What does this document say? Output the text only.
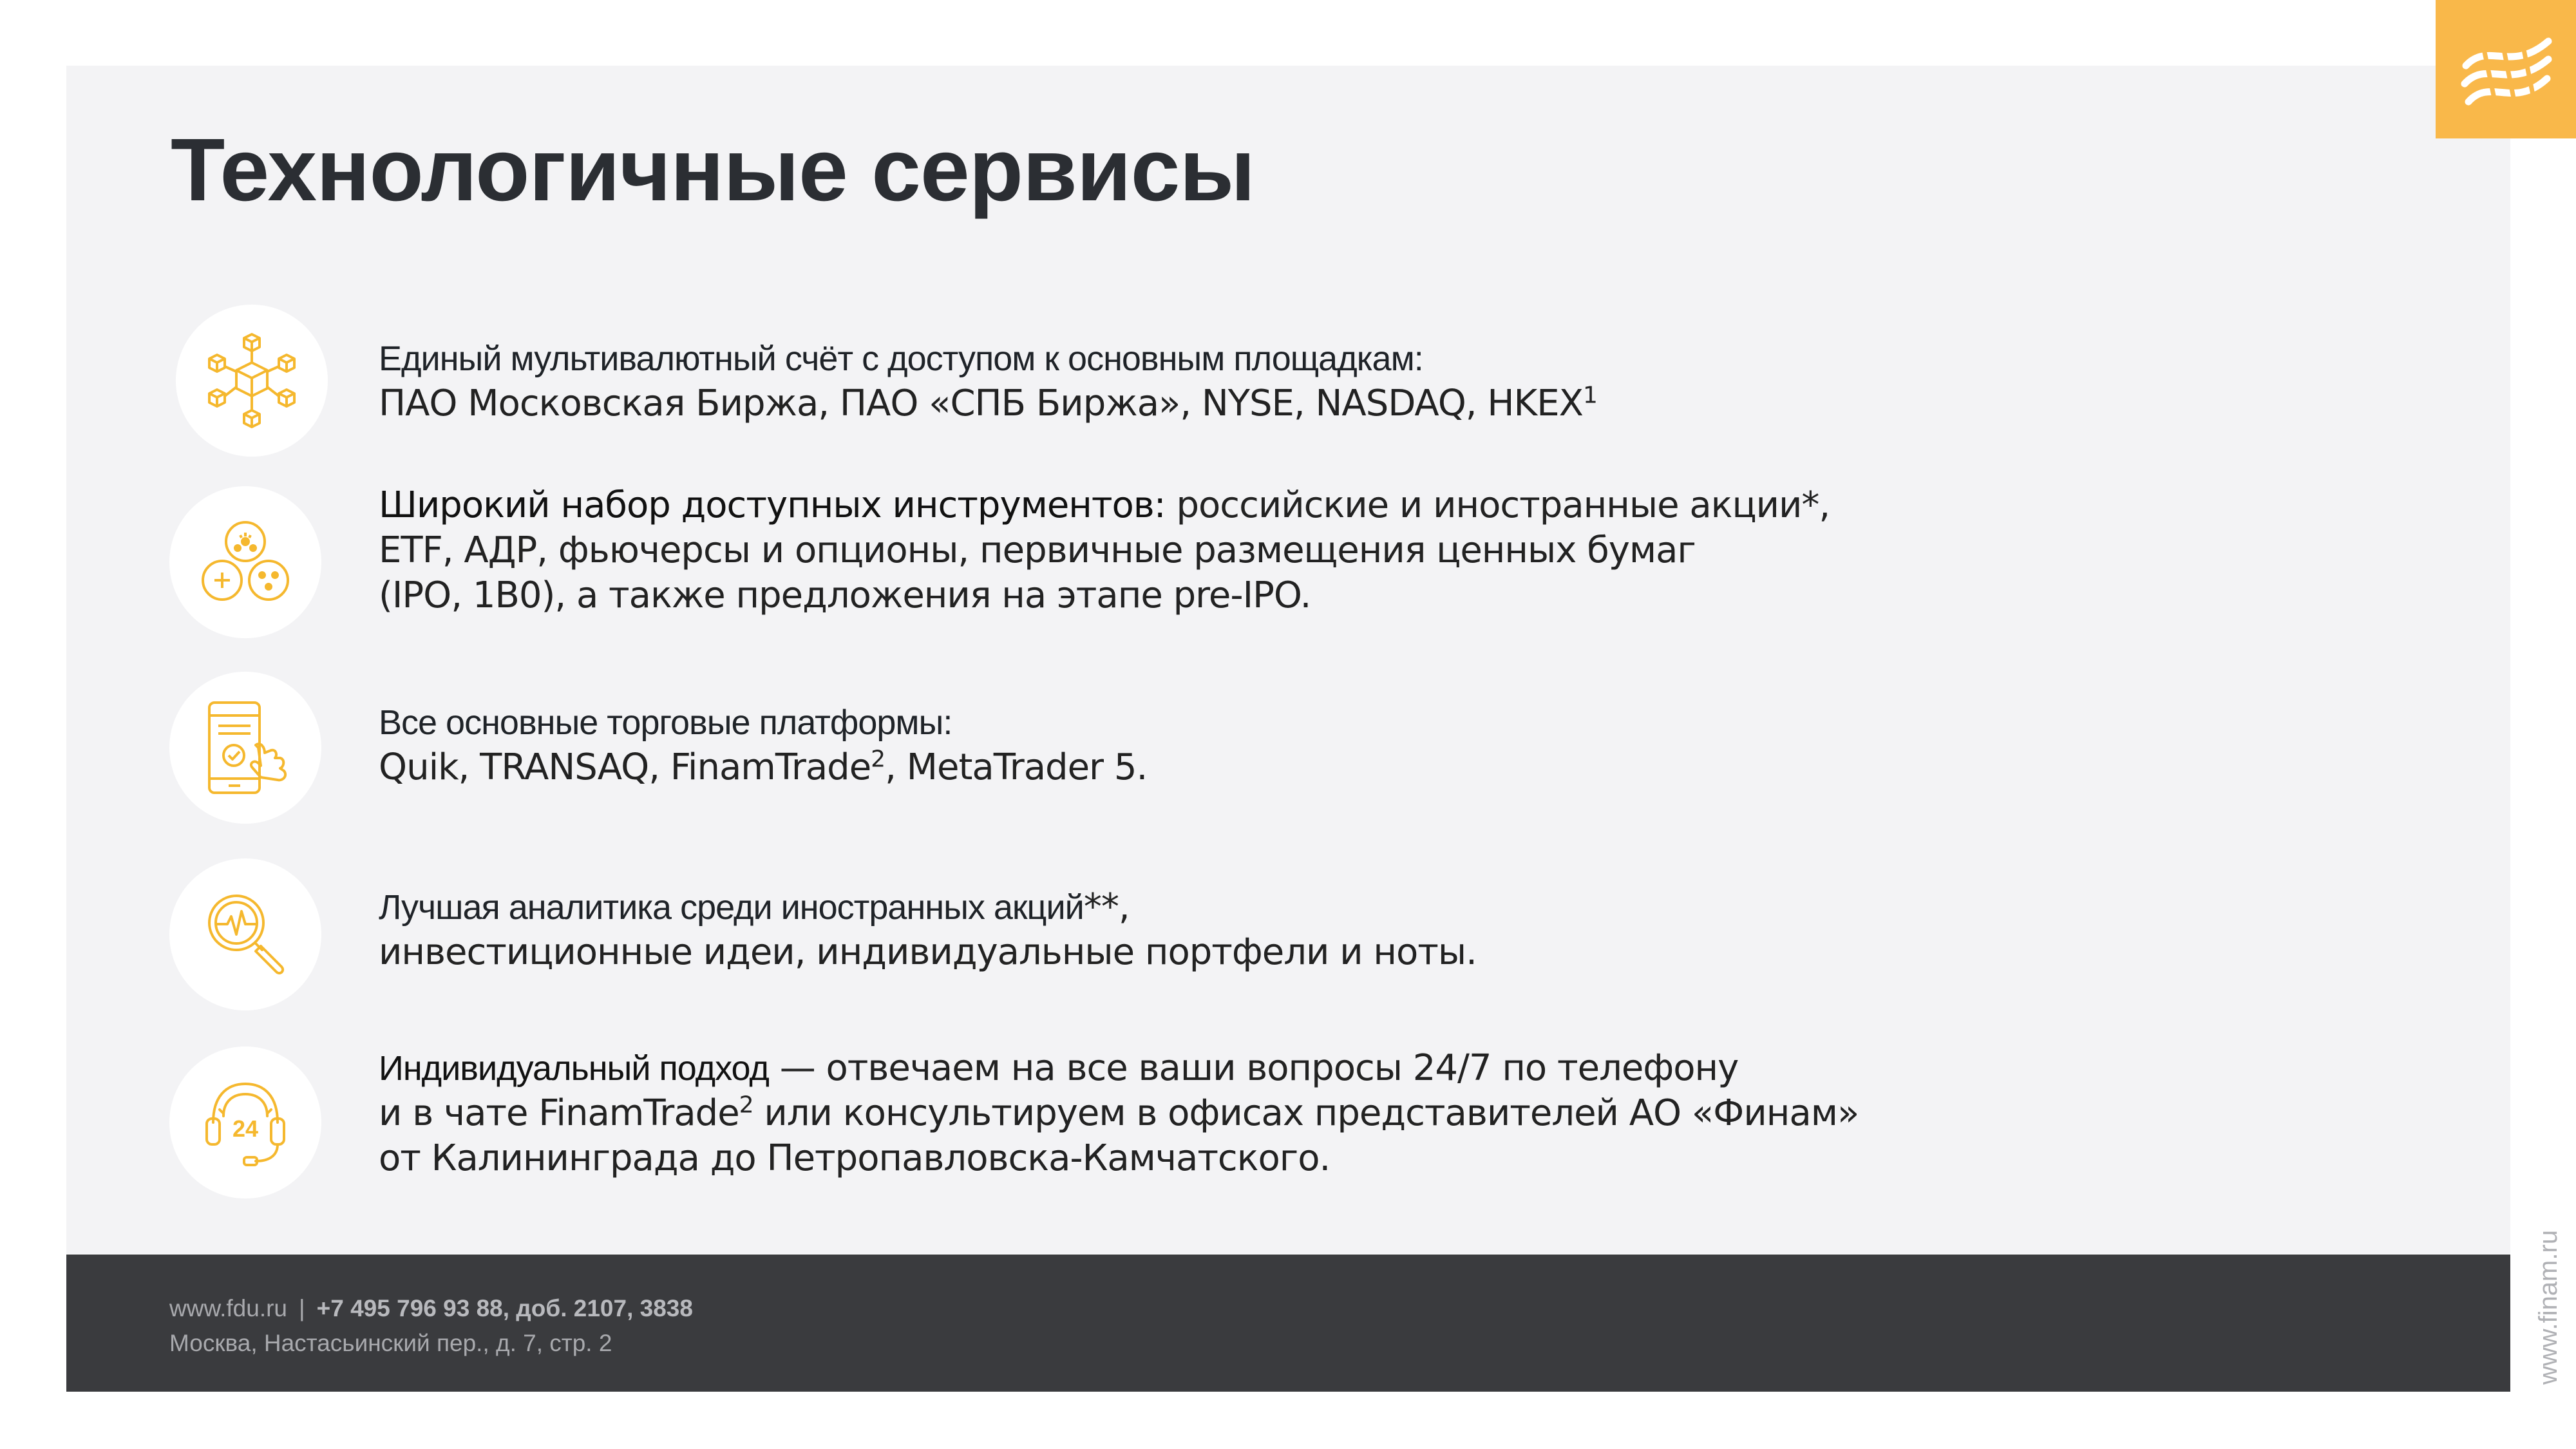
Технологичные сервисы
Единый мультивалютный счёт с доступом к основным площадкам:
ПАО Московская Биржа, ПАО «СПБ Биржа», NYSE, NASDAQ, HKEX$^1$
Широкий набор доступных инструментов: российские и иностранные акции*,
ETF, АДР, фьючерсы и опционы, первичные размещения ценных бумаг
(IPO, 1B0), а также предложения на этапе pre-IPO.
Все основные торговые платформы:
Quik, TRANSAQ, FinamTrade$^2$, MetaTrader 5.
Лучшая аналитика среди иностранных акций**,
инвестиционные идеи, индивидуальные портфели и ноты.
24
Индивидуальный подход — отвечаем на все ваши вопросы 24/7 по телефону
и в чате FinamTrade$^2$ или консультируем в офисах представителей АО «Финам»
от Калининграда до Петропавловска-Камчатского.
www.fdu.ru | +7 495 796 93 88, доб. 2107, 3838
Москва, Настасьинский пер., д. 7, стр. 2	www.finam.ru
